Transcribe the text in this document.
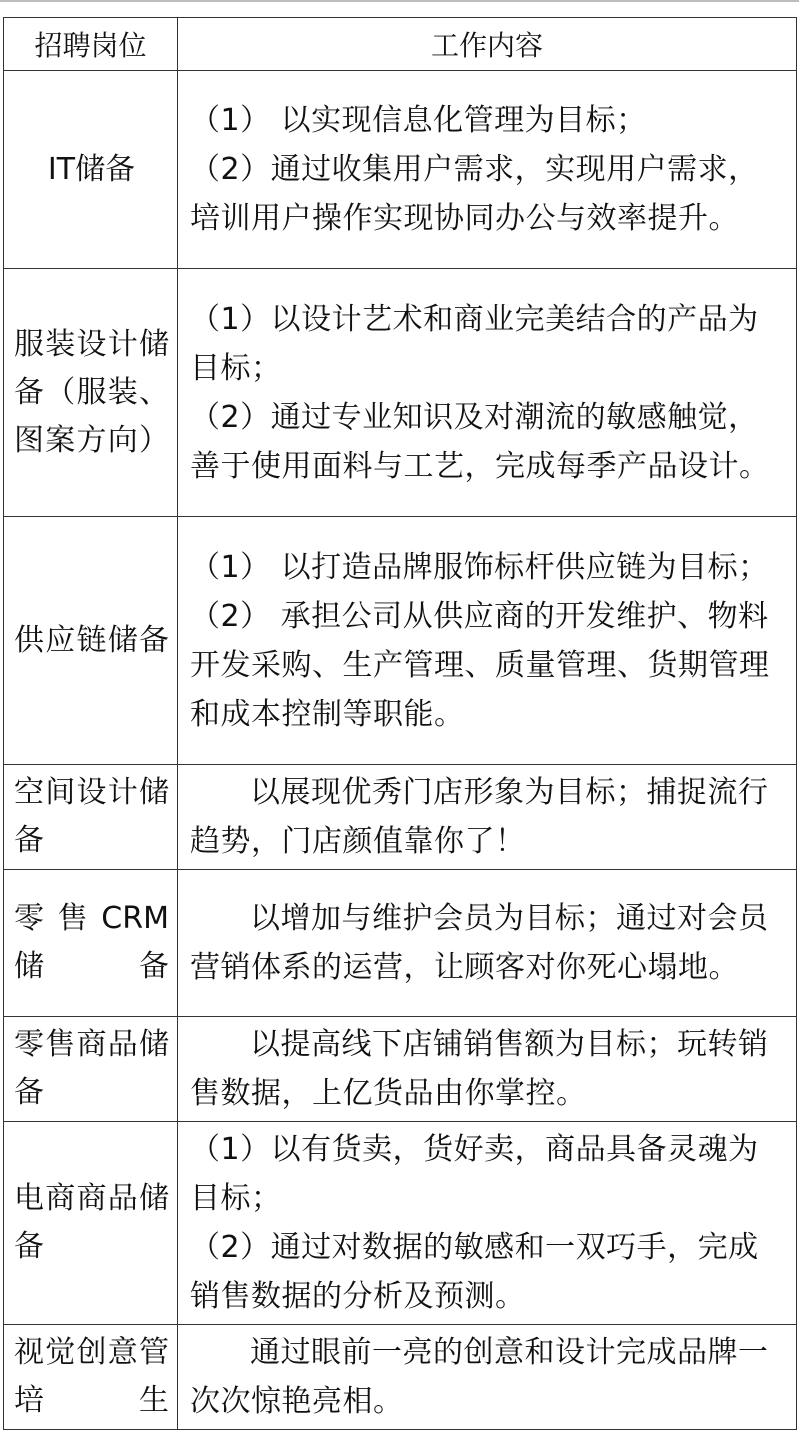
招聘岗位	工作内容
IT储备	（1） 以实现信息化管理为目标；

（2）通过收集用户需求，实现用户需求，培训用户操作实现协同办公与效率提升。

服装设计储备（服装、图案方向）	（1）以设计艺术和商业完美结合的产品为目标；

（2）通过专业知识及对潮流的敏感触觉，善于使用面料与工艺，完成每季产品设计。

供应链储备	（1） 以打造品牌服饰标杆供应链为目标；

（2） 承担公司从供应商的开发维护、物料开发采购、生产管理、质量管理、货期管理和成本控制等职能。

空间设计储备	以展现优秀门店形象为目标；捕捉流行趋势，门店颜值靠你了！

零售CRM储备	以增加与维护会员为目标；通过对会员营销体系的运营，让顾客对你死心塌地。

零售商品储备	以提高线下店铺销售额为目标；玩转销售数据，上亿货品由你掌控。

电商商品储备	（1）以有货卖，货好卖，商品具备灵魂为目标；

（2）通过对数据的敏感和一双巧手，完成销售数据的分析及预测。

视觉创意管培生	通过眼前一亮的创意和设计完成品牌一次次惊艳亮相。
